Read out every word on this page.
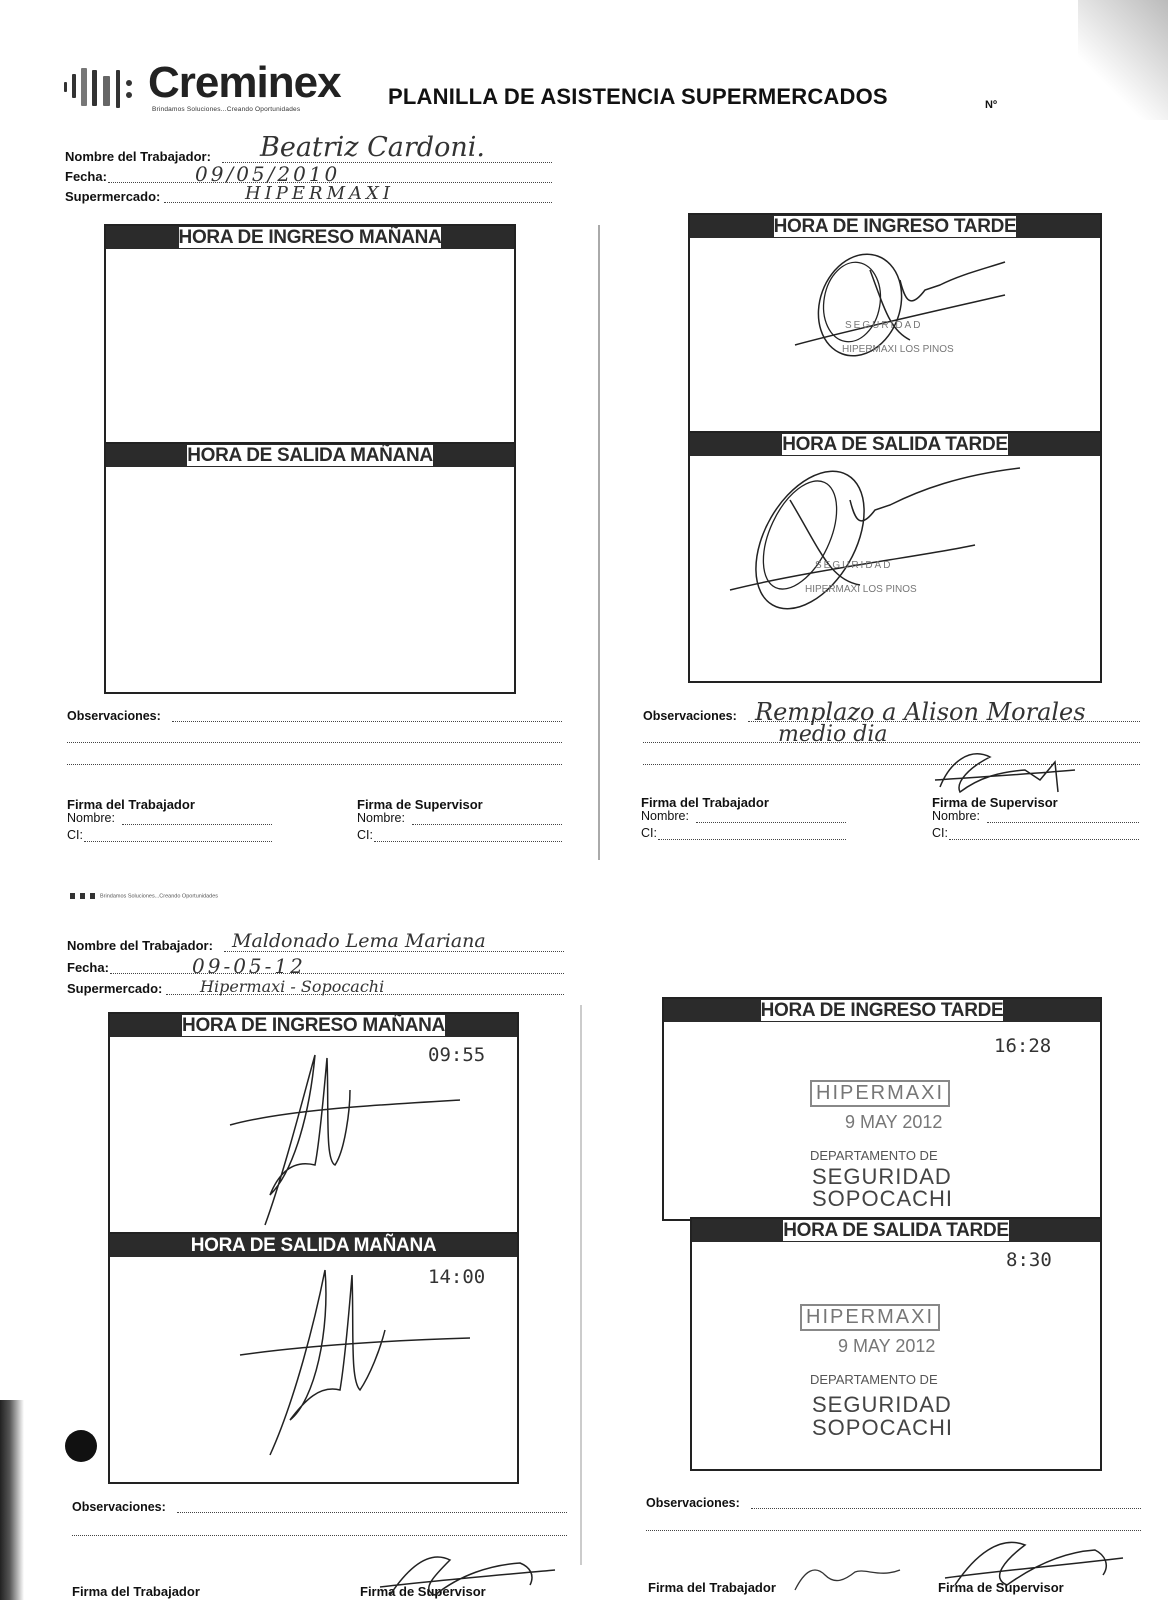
Creminex
Brindamos Soluciones...Creando Oportunidades
PLANILLA DE ASISTENCIA SUPERMERCADOS	Nº
Nombre del Trabajador: Beatriz Cardoni.
Fecha:	09/05/2010
Supermercado:	HIPERMAXI
HORA DE INGRESO MAÑANA
HORA DE SALIDA MAÑANA
HORA DE INGRESO TARDE
HORA DE SALIDA TARDE
SEGURIDAD
HIPERMAXI LOS PINOS
SEGURIDAD
HIPERMAXI LOS PINOS
Observaciones:	Observaciones: Remplazo a Alison Morales
medio dia
Firma del Trabajador
Nombre:
CI:
Firma de Supervisor
Nombre:
CI:
Firma del Trabajador
Nombre:
CI:
Firma de Supervisor
Nombre:
CI:
Brindamos Soluciones...Creando Oportunidades
Nombre del Trabajador: Maldonado Lema Mariana
Fecha:	09-05-12
Supermercado: Hipermaxi - Sopocachi
HORA DE INGRESO MAÑANA
09:55
HORA DE SALIDA MAÑANA
14:00
HORA DE INGRESO TARDE
16:28
HORA DE SALIDA TARDE
8:30
HIPERMAXI
9 MAY 2012
DEPARTAMENTO DE
SEGURIDAD
SOPOCACHI
HIPERMAXI
9 MAY 2012
DEPARTAMENTO DE
SEGURIDAD
SOPOCACHI
Observaciones:	Observaciones:
Firma del Trabajador	Firma de Supervisor	Firma del Trabajador	Firma de Supervisor
